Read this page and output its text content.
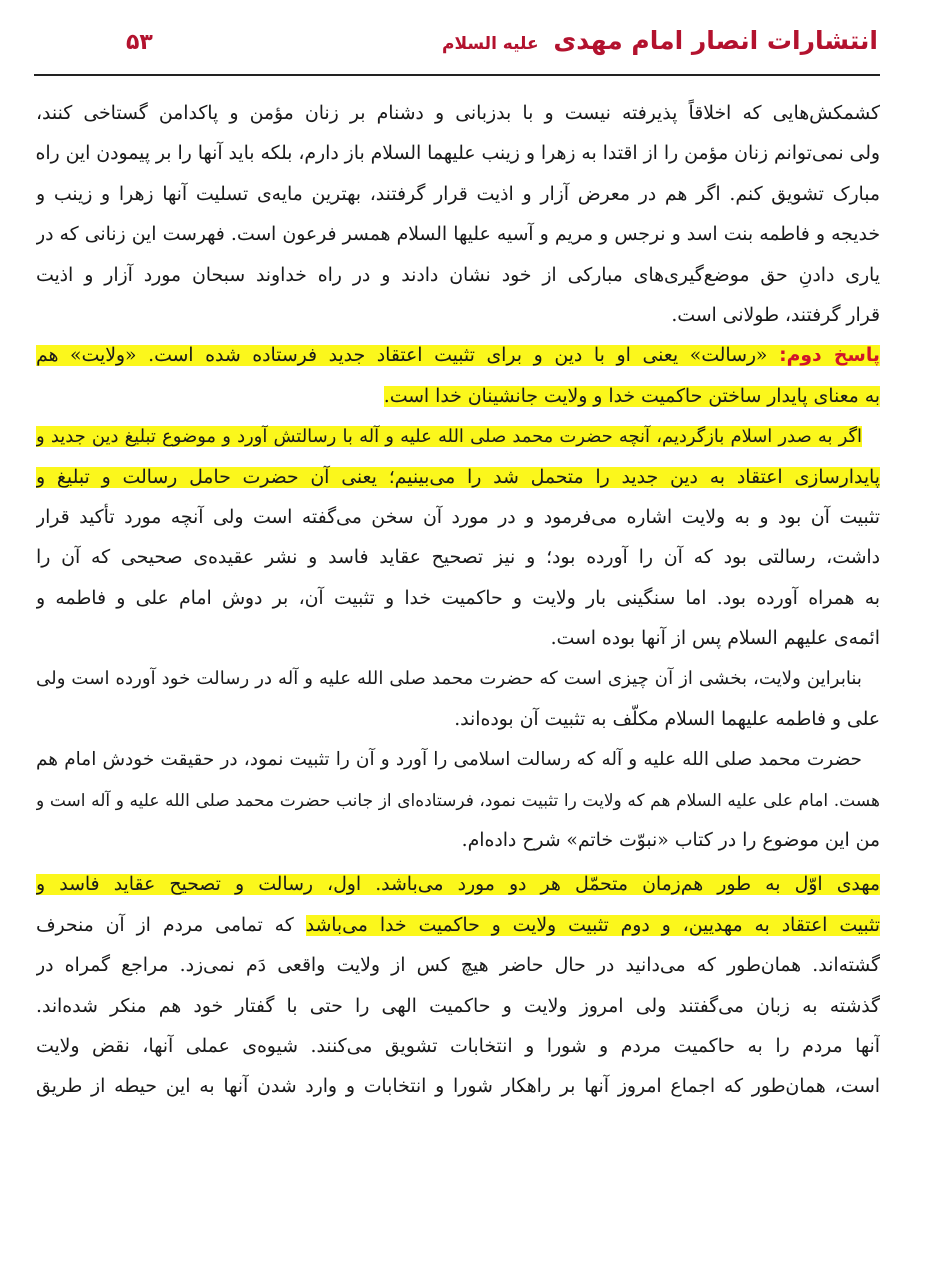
انتشارات انصار امام مهدی علیه السلام
۵۳
کشمکش‌هایی که اخلاقاً پذیرفته نیست و با بدزبانی و دشنام بر زنان مؤمن و پاکدامن گستاخی کنند،
ولی نمی‌توانم زنان مؤمن را از اقتدا به زهرا و زینب علیهما السلام باز دارم، بلکه باید آنها را بر پیمودن این راه
مبارک تشویق کنم. اگر هم در معرض آزار و اذیت قرار گرفتند، بهترین مایه‌ی تسلیت آنها زهرا و زینب و
خدیجه و فاطمه بنت اسد و نرجس و مریم و آسیه علیها السلام همسر فرعون است. فهرست این زنانی که در
یاری دادنِ حق موضع‌گیری‌های مبارکی از خود نشان دادند و در راه خداوند سبحان مورد آزار و اذیت
قرار گرفتند، طولانی است.
پاسخ دوم: «رسالت» یعنی او با دین و برای تثبیت اعتقاد جدید فرستاده شده است. «ولایت» هم
به معنای پایدار ساختن حاکمیت خدا و ولایت جانشینان خدا است.
اگر به صدر اسلام بازگردیم، آنچه حضرت محمد صلی الله علیه و آله با رسالتش آورد و موضوع تبلیغ دین جدید و
پایدارسازی اعتقاد به دین جدید را متحمل شد را می‌بینیم؛ یعنی آن حضرت حامل رسالت و تبلیغ و
تثبیت آن بود و به ولایت اشاره می‌فرمود و در مورد آن سخن می‌گفته است ولی آنچه مورد تأکید قرار
داشت، رسالتی بود که آن را آورده بود؛ و نیز تصحیح عقاید فاسد و نشر عقیده‌ی صحیحی که آن را
به همراه آورده بود. اما سنگینی بار ولایت و حاکمیت خدا و تثبیت آن، بر دوش امام علی و فاطمه و
ائمه‌ی علیهم السلام پس از آنها بوده است.
بنابراین ولایت، بخشی از آن چیزی است که حضرت محمد صلی الله علیه و آله در رسالت خود آورده است ولی
علی و فاطمه علیهما السلام مکلّف به تثبیت آن بوده‌اند.
حضرت محمد صلی الله علیه و آله که رسالت اسلامی را آورد و آن را تثبیت نمود، در حقیقت خودش امام هم
هست. امام علی علیه السلام هم که ولایت را تثبیت نمود، فرستاده‌ای از جانب حضرت محمد صلی الله علیه و آله است و
من این موضوع را در کتاب «نبوّت خاتم» شرح داده‌ام.
مهدی اوّل به طور هم‌زمان متحمّل هر دو مورد می‌باشد. اول، رسالت و تصحیح عقاید فاسد و
تثبیت اعتقاد به مهدیین، و دوم تثبیت ولایت و حاکمیت خدا می‌باشد که تمامی مردم از آن منحرف
گشته‌اند. همان‌طور که می‌دانید در حال حاضر هیچ کس از ولایت واقعی دَم نمی‌زد. مراجع گمراه در
گذشته به زبان می‌گفتند ولی امروز ولایت و حاکمیت الهی را حتی با گفتار خود هم منکر شده‌اند.
آنها مردم را به حاکمیت مردم و شورا و انتخابات تشویق می‌کنند. شیوه‌ی عملی آنها، نقض ولایت
است، همان‌طور که اجماع امروز آنها بر راهکار شورا و انتخابات و وارد شدن آنها به این حیطه از طریق
